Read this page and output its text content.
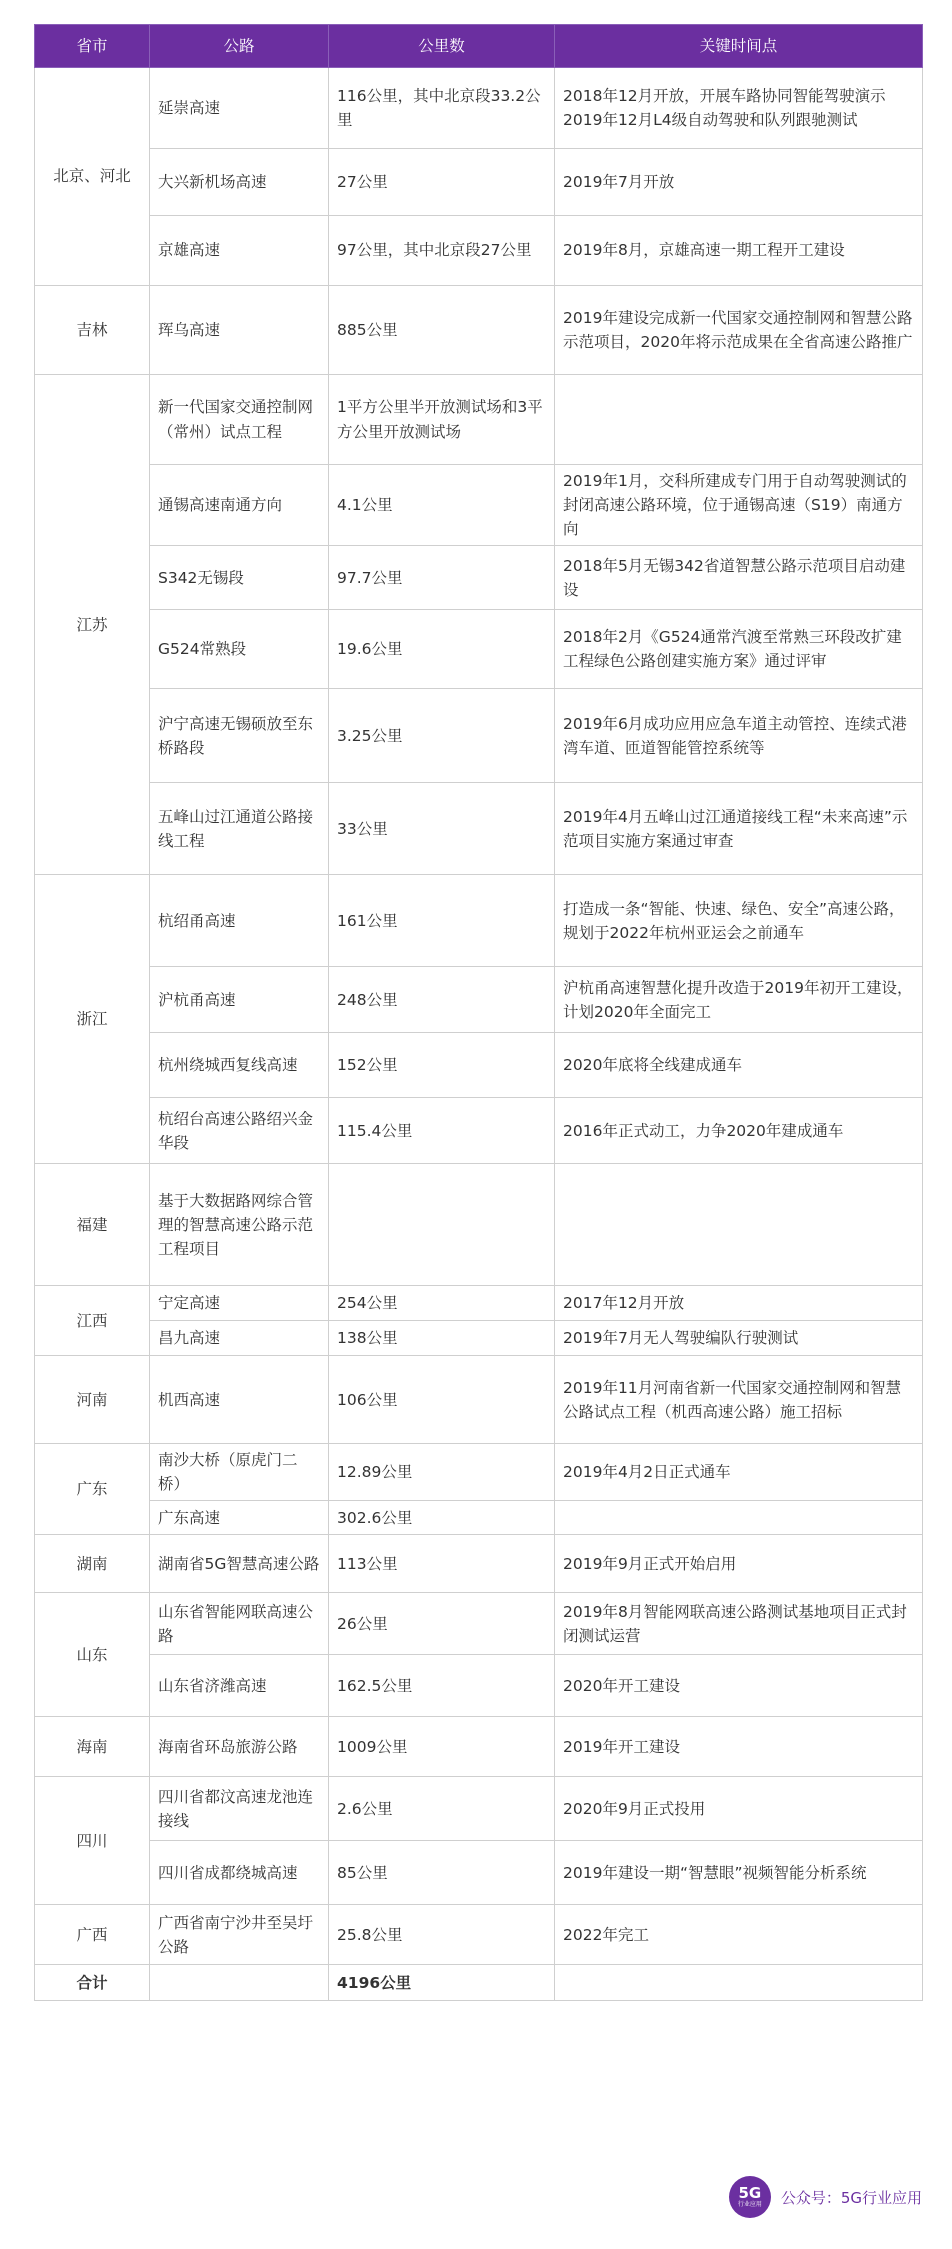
省市	公路	公里数	关键时间点
北京、河北	延崇高速	116公里，其中北京段33.2公里	2018年12月开放，开展车路协同智能驾驶演示
2019年12月L4级自动驾驶和队列跟驰测试
	大兴新机场高速	27公里	2019年7月开放
	京雄高速	97公里，其中北京段27公里	2019年8月，京雄高速一期工程开工建设
吉林	珲乌高速	885公里	2019年建设完成新一代国家交通控制网和智慧公路示范项目，2020年将示范成果在全省高速公路推广
江苏	新一代国家交通控制网（常州）试点工程	1平方公里半开放测试场和3平方公里开放测试场	
	通锡高速南通方向	4.1公里	2019年1月，交科所建成专门用于自动驾驶测试的封闭高速公路环境，位于通锡高速（S19）南通方向
	S342无锡段	97.7公里	2018年5月无锡342省道智慧公路示范项目启动建设
	G524常熟段	19.6公里	2018年2月《G524通常汽渡至常熟三环段改扩建工程绿色公路创建实施方案》通过评审
	沪宁高速无锡硕放至东桥路段	3.25公里	2019年6月成功应用应急车道主动管控、连续式港湾车道、匝道智能管控系统等
	五峰山过江通道公路接线工程	33公里	2019年4月五峰山过江通道接线工程“未来高速”示范项目实施方案通过审查
浙江	杭绍甬高速	161公里	打造成一条“智能、快速、绿色、安全”高速公路，规划于2022年杭州亚运会之前通车
	沪杭甬高速	248公里	沪杭甬高速智慧化提升改造于2019年初开工建设，计划2020年全面完工
	杭州绕城西复线高速	152公里	2020年底将全线建成通车
	杭绍台高速公路绍兴金华段	115.4公里	2016年正式动工，力争2020年建成通车
福建	基于大数据路网综合管理的智慧高速公路示范工程项目		
江西	宁定高速	254公里	2017年12月开放
	昌九高速	138公里	2019年7月无人驾驶编队行驶测试
河南	机西高速	106公里	2019年11月河南省新一代国家交通控制网和智慧公路试点工程（机西高速公路）施工招标
广东	南沙大桥（原虎门二桥）	12.89公里	2019年4月2日正式通车
	广东高速	302.6公里	
湖南	湖南省5G智慧高速公路	113公里	2019年9月正式开始启用
山东	山东省智能网联高速公路	26公里	2019年8月智能网联高速公路测试基地项目正式封闭测试运营
	山东省济潍高速	162.5公里	2020年开工建设
海南	海南省环岛旅游公路	1009公里	2019年开工建设
四川	四川省都汶高速龙池连接线	2.6公里	2020年9月正式投用
	四川省成都绕城高速	85公里	2019年建设一期“智慧眼”视频智能分析系统
广西	广西省南宁沙井至吴圩公路	25.8公里	2022年完工
合计		4196公里	
5G
行业应用 公众号：5G行业应用
